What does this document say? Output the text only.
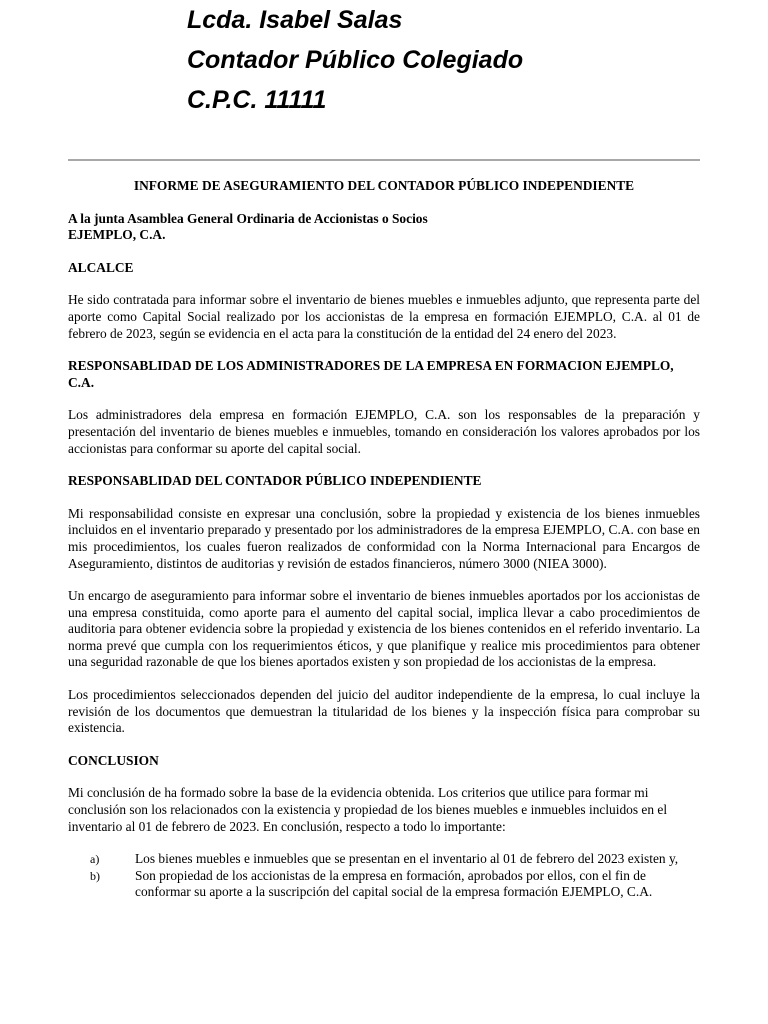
Lcda. Isabel Salas
Contador Público Colegiado
C.P.C. 11111

INFORME DE ASEGURAMIENTO DEL CONTADOR PÚBLICO INDEPENDIENTE

A la junta Asamblea General Ordinaria de Accionistas o Socios
EJEMPLO, C.A.

ALCALCE

He sido contratada para informar sobre el inventario de bienes muebles e inmuebles adjunto, que representa parte del aporte como Capital Social realizado por los accionistas de la empresa en formación EJEMPLO, C.A. al 01 de febrero de 2023, según se evidencia en el acta para la constitución de la entidad del 24 enero del 2023.

RESPONSABLIDAD DE LOS ADMINISTRADORES DE LA EMPRESA EN FORMACION EJEMPLO, C.A.

Los administradores dela empresa en formación EJEMPLO, C.A. son los responsables de la preparación y presentación del inventario de bienes muebles e inmuebles, tomando en consideración los valores aprobados por los accionistas para conformar su aporte del capital social.

RESPONSABLIDAD DEL CONTADOR PÚBLICO INDEPENDIENTE

Mi responsabilidad consiste en expresar una conclusión, sobre la propiedad y existencia de los bienes inmuebles incluidos en el inventario preparado y presentado por los administradores de la empresa EJEMPLO, C.A. con base en mis procedimientos, los cuales fueron realizados de conformidad con la Norma Internacional para Encargos de Aseguramiento, distintos de auditorias y revisión de estados financieros, número 3000 (NIEA 3000).

Un encargo de aseguramiento para informar sobre el inventario de bienes inmuebles aportados por los accionistas de una empresa constituida, como aporte para el aumento del capital social, implica llevar a cabo procedimientos de auditoria para obtener evidencia sobre la propiedad y existencia de los bienes contenidos en el referido inventario. La norma prevé que cumpla con los requerimientos éticos, y que planifique y realice mis procedimientos para obtener una seguridad razonable de que los bienes aportados existen y son propiedad de los accionistas de la empresa.

Los procedimientos seleccionados dependen del juicio del auditor independiente de la empresa, lo cual incluye la revisión de los documentos que demuestran la titularidad de los bienes y la inspección física para comprobar su existencia.

CONCLUSION

Mi conclusión de ha formado sobre la base de la evidencia obtenida. Los criterios que utilice para formar mi conclusión son los relacionados con la existencia y propiedad de los bienes muebles e inmuebles incluidos en el inventario al 01 de febrero de 2023. En conclusión, respecto a todo lo importante:

a)	Los bienes muebles e inmuebles que se presentan en el inventario al 01 de febrero del 2023 existen y,
b)	Son propiedad de los accionistas de la empresa en formación, aprobados por ellos, con el fin de conformar su aporte a la suscripción del capital social de la empresa formación EJEMPLO, C.A.
